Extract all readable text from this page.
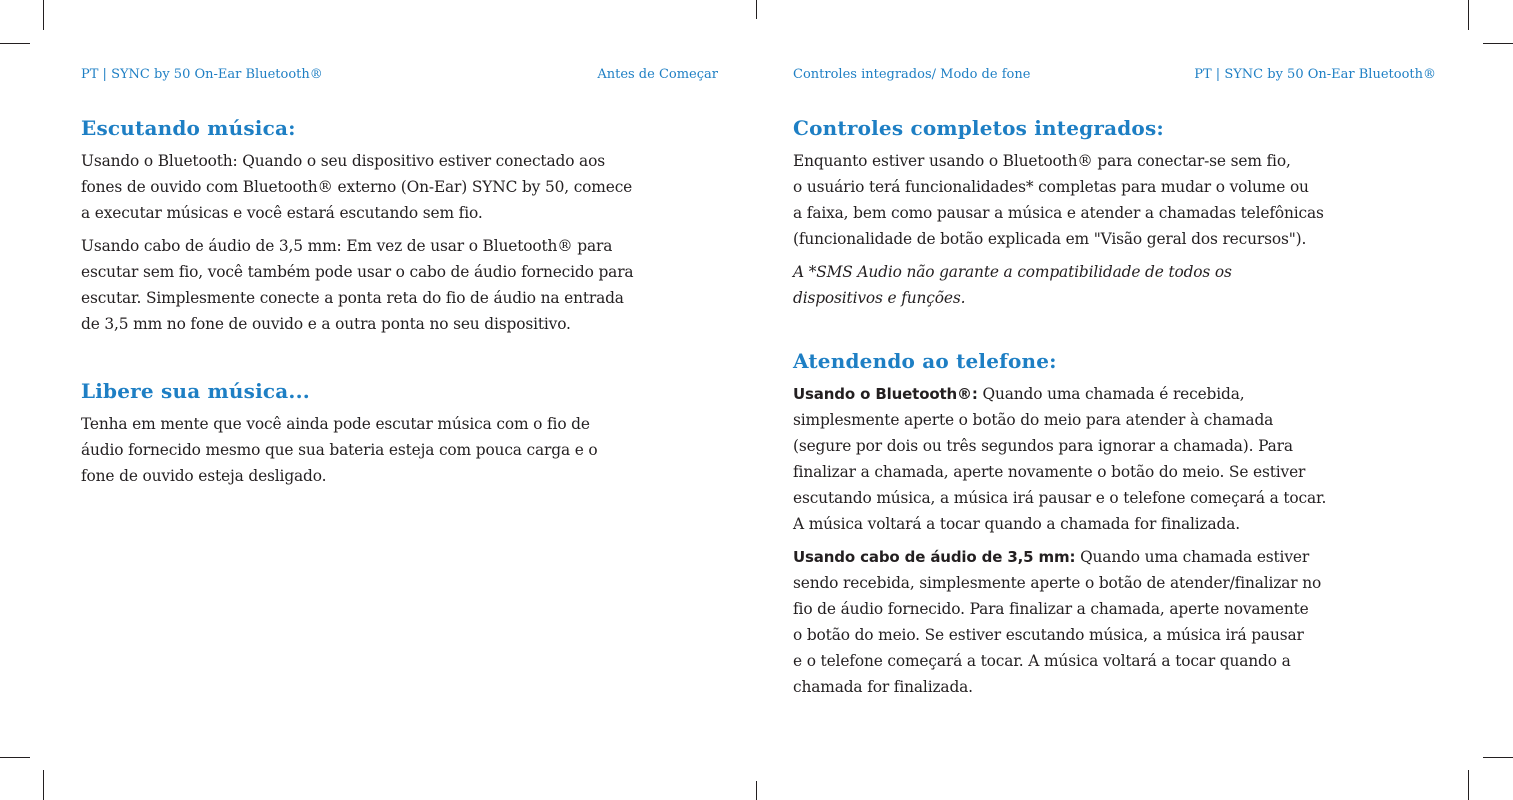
PT | SYNC by 50 On-Ear Bluetooth®	Antes de Começar
Escutando música:

Usando o Bluetooth: Quando o seu dispositivo estiver conectado aos
fones de ouvido com Bluetooth® externo (On-Ear) SYNC by 50, comece
a executar músicas e você estará escutando sem fio.

Usando cabo de áudio de 3,5 mm: Em vez de usar o Bluetooth® para
escutar sem fio, você também pode usar o cabo de áudio fornecido para
escutar. Simplesmente conecte a ponta reta do fio de áudio na entrada
de 3,5 mm no fone de ouvido e a outra ponta no seu dispositivo.

Libere sua música...

Tenha em mente que você ainda pode escutar música com o fio de
áudio fornecido mesmo que sua bateria esteja com pouca carga e o
fone de ouvido esteja desligado.

Controles integrados/ Modo de fone	PT | SYNC by 50 On-Ear Bluetooth®
Controles completos integrados:

Enquanto estiver usando o Bluetooth® para conectar-se sem fio,
o usuário terá funcionalidades* completas para mudar o volume ou
a faixa, bem como pausar a música e atender a chamadas telefônicas
(funcionalidade de botão explicada em "Visão geral dos recursos").

A *SMS Audio não garante a compatibilidade de todos os
dispositivos e funções.

Atendendo ao telefone:

Usando o Bluetooth®: Quando uma chamada é recebida,
simplesmente aperte o botão do meio para atender à chamada
(segure por dois ou três segundos para ignorar a chamada). Para
finalizar a chamada, aperte novamente o botão do meio. Se estiver
escutando música, a música irá pausar e o telefone começará a tocar.
A música voltará a tocar quando a chamada for finalizada.

Usando cabo de áudio de 3,5 mm: Quando uma chamada estiver
sendo recebida, simplesmente aperte o botão de atender/finalizar no
fio de áudio fornecido. Para finalizar a chamada, aperte novamente
o botão do meio. Se estiver escutando música, a música irá pausar
e o telefone começará a tocar. A música voltará a tocar quando a
chamada for finalizada.
